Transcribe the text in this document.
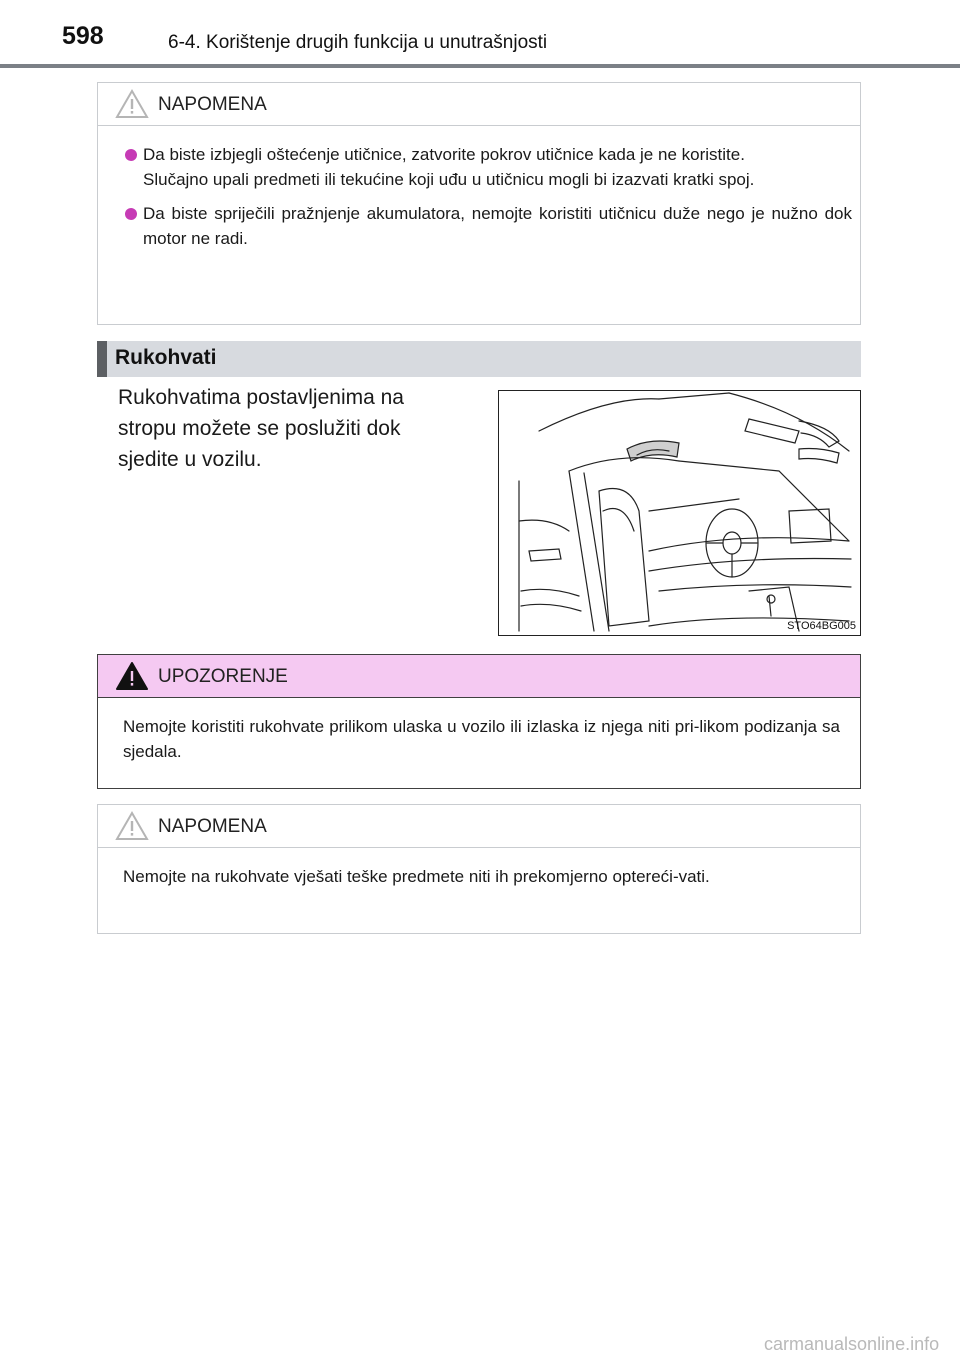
598	6-4. Korištenje drugih funkcija u unutrašnjosti
NAPOMENA
Da biste izbjegli oštećenje utičnice, zatvorite pokrov utičnice kada je ne koristite.
Slučajno upali predmeti ili tekućine koji uđu u utičnicu mogli bi izazvati kratki spoj.
Da biste spriječili pražnjenje akumulatora, nemojte koristiti utičnicu duže nego je nužno dok motor ne radi.
Rukohvati
Rukohvatima postavljenima na stropu možete se poslužiti dok sjedite u vozilu.
STO64BG005
UPOZORENJE
Nemojte koristiti rukohvate prilikom ulaska u vozilo ili izlaska iz njega niti pri-likom podizanja sa sjedala.
NAPOMENA
Nemojte na rukohvate vješati teške predmete niti ih prekomjerno optereći-vati.
carmanualsonline.info
